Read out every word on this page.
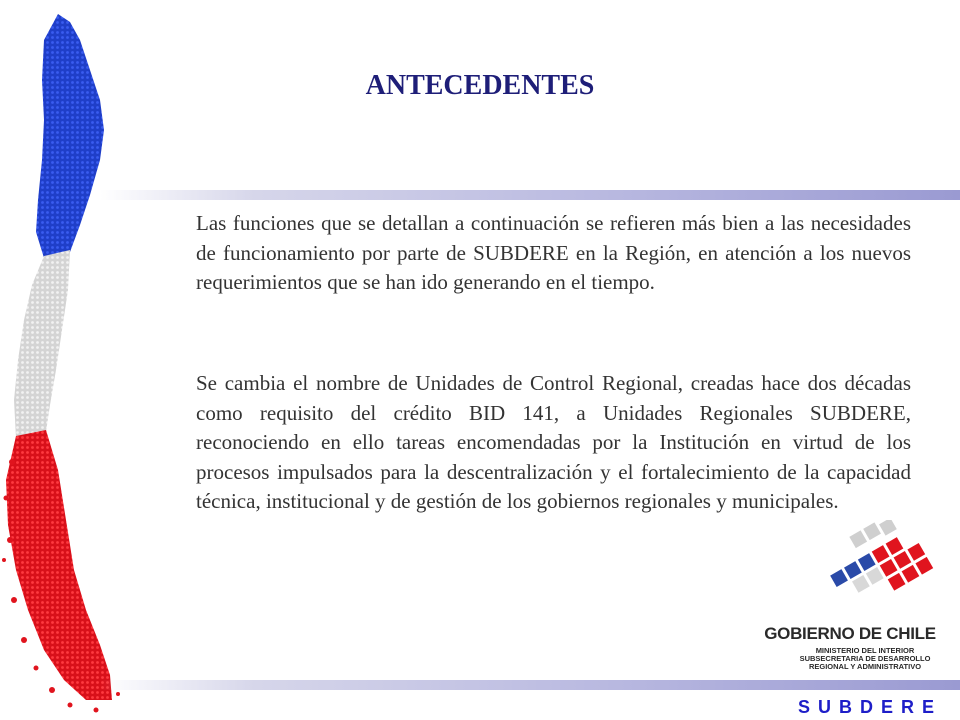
ANTECEDENTES

Las funciones que se detallan a continuación se refieren más bien a las necesidades de funcionamiento por parte de SUBDERE en la Región, en atención a los nuevos requerimientos que se han ido generando en el tiempo.

Se cambia el nombre de Unidades de Control Regional, creadas hace dos décadas como requisito del crédito BID 141, a Unidades Regionales SUBDERE, reconociendo en ello tareas encomendadas por la Institución en virtud de los procesos impulsados para la descentralización y el fortalecimiento de la capacidad técnica, institucional y de gestión de los gobiernos regionales y municipales.

GOBIERNO DE CHILE
MINISTERIO DEL INTERIOR
SUBSECRETARIA DE DESARROLLO
REGIONAL Y ADMINISTRATIVO
SUBDERE
